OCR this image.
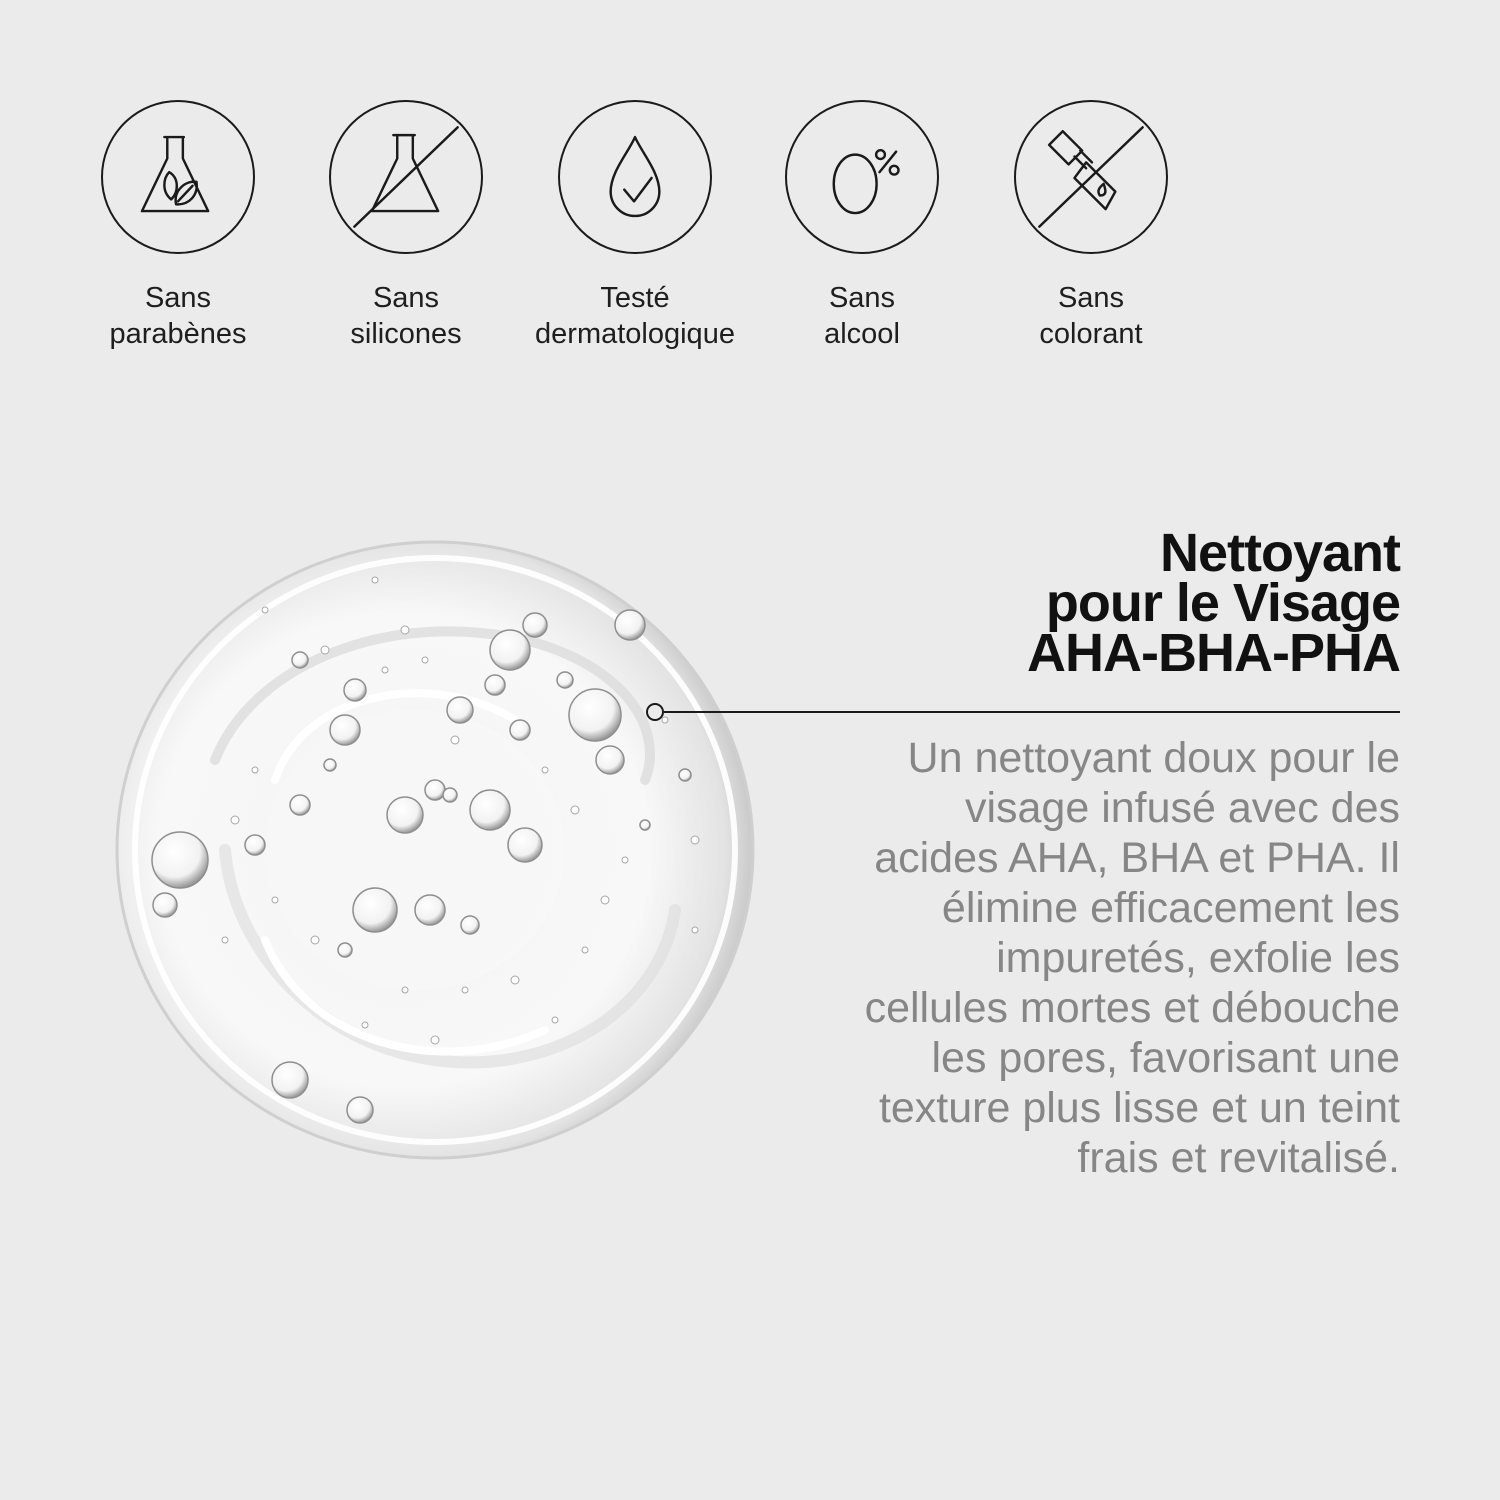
Sans
parabènes
Sans
silicones
Testé
dermatologique
Sans
alcool
Sans
colorant
Nettoyant
pour le Visage
AHA-BHA-PHA
Un nettoyant doux pour le
visage infusé avec des
acides AHA, BHA et PHA. Il
élimine efficacement les
impuretés, exfolie les
cellules mortes et débouche
les pores, favorisant une
texture plus lisse et un teint
frais et revitalisé.
